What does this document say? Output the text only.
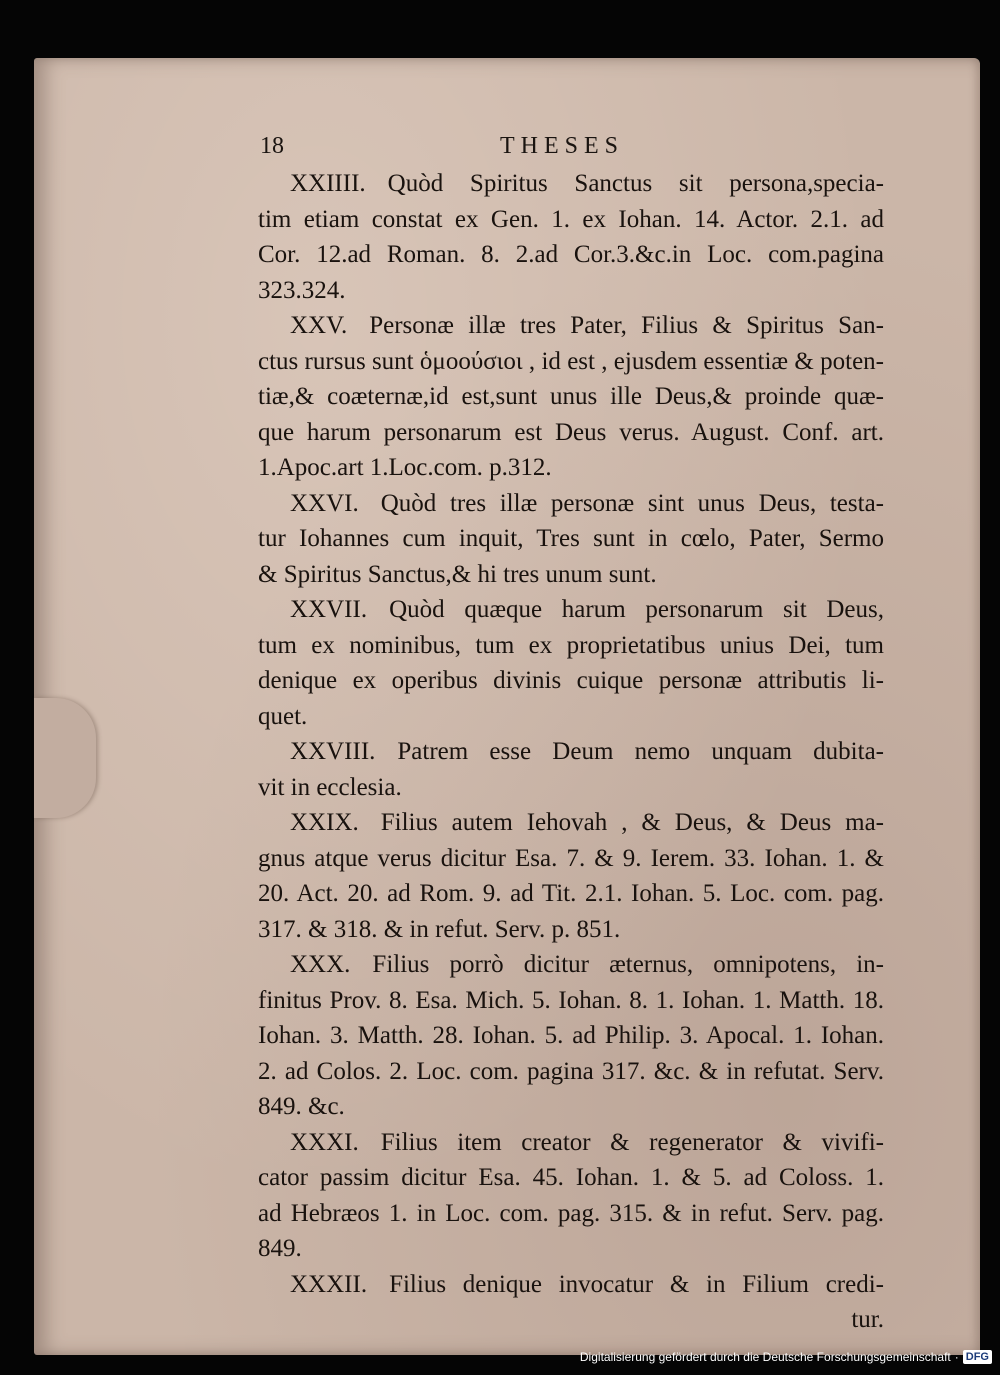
18	THESES
XXIIII. Quòd Spiritus Sanctus sit persona,specia-
tim etiam constat ex Gen. 1. ex Iohan. 14. Actor. 2.1. ad
Cor. 12.ad Roman. 8. 2.ad Cor.3.&c.in Loc. com.pagina
323.324.
XXV. Personæ illæ tres Pater, Filius & Spiritus San-
ctus rursus sunt ὁμοούσιοι , id est , ejusdem essentiæ & poten-
tiæ,& coæternæ,id est,sunt unus ille Deus,& proinde quæ-
que harum personarum est Deus verus. August. Conf. art.
1.Apoc.art 1.Loc.com. p.312.
XXVI. Quòd tres illæ personæ sint unus Deus, testa-
tur Iohannes cum inquit, Tres sunt in cœlo, Pater, Sermo
& Spiritus Sanctus,& hi tres unum sunt.
XXVII. Quòd quæque harum personarum sit Deus,
tum ex nominibus, tum ex proprietatibus unius Dei, tum
denique ex operibus divinis cuique personæ attributis li-
quet.
XXVIII. Patrem esse Deum nemo unquam dubita-
vit in ecclesia.
XXIX. Filius autem Iehovah , & Deus, & Deus ma-
gnus atque verus dicitur Esa. 7. & 9. Ierem. 33. Iohan. 1. &
20. Act. 20. ad Rom. 9. ad Tit. 2.1. Iohan. 5. Loc. com. pag.
317. & 318. & in refut. Serv. p. 851.
XXX. Filius porrò dicitur æternus, omnipotens, in-
finitus Prov. 8. Esa. Mich. 5. Iohan. 8. 1. Iohan. 1. Matth. 18.
Iohan. 3. Matth. 28. Iohan. 5. ad Philip. 3. Apocal. 1. Iohan.
2. ad Colos. 2. Loc. com. pagina 317. &c. & in refutat. Serv.
849. &c.
XXXI. Filius item creator & regenerator & vivifi-
cator passim dicitur Esa. 45. Iohan. 1. & 5. ad Coloss. 1.
ad Hebræos 1. in Loc. com. pag. 315. & in refut. Serv. pag.
849.
XXXII. Filius denique invocatur & in Filium credi-
tur.
Digitalisierung gefördert durch die Deutsche Forschungsgemeinschaft · DFG
